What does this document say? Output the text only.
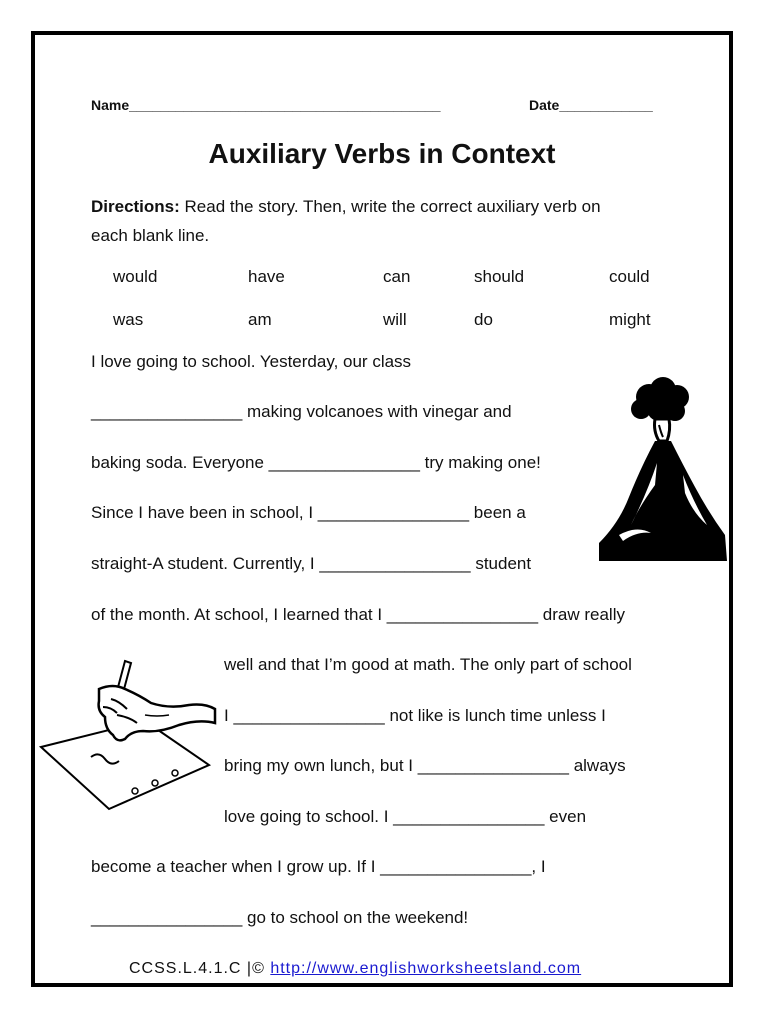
Name________________________________________	Date____________
Auxiliary Verbs in Context
Directions: Read the story. Then, write the correct auxiliary verb on
each blank line.
would	have	can	should	could
was	am	will	do	might
I love going to school. Yesterday, our class
________________ making volcanoes with vinegar and
baking soda. Everyone ________________ try making one!
Since I have been in school, I ________________ been a
straight-A student. Currently, I ________________ student
of the month. At school, I learned that I ________________ draw really
well and that I’m good at math. The only part of school
I ________________ not like is lunch time unless I
bring my own lunch, but I ________________ always
love going to school. I ________________ even
become a teacher when I grow up. If I ________________, I
________________ go to school on the weekend!
CCSS.L.4.1.C |© http://www.englishworksheetsland.com
